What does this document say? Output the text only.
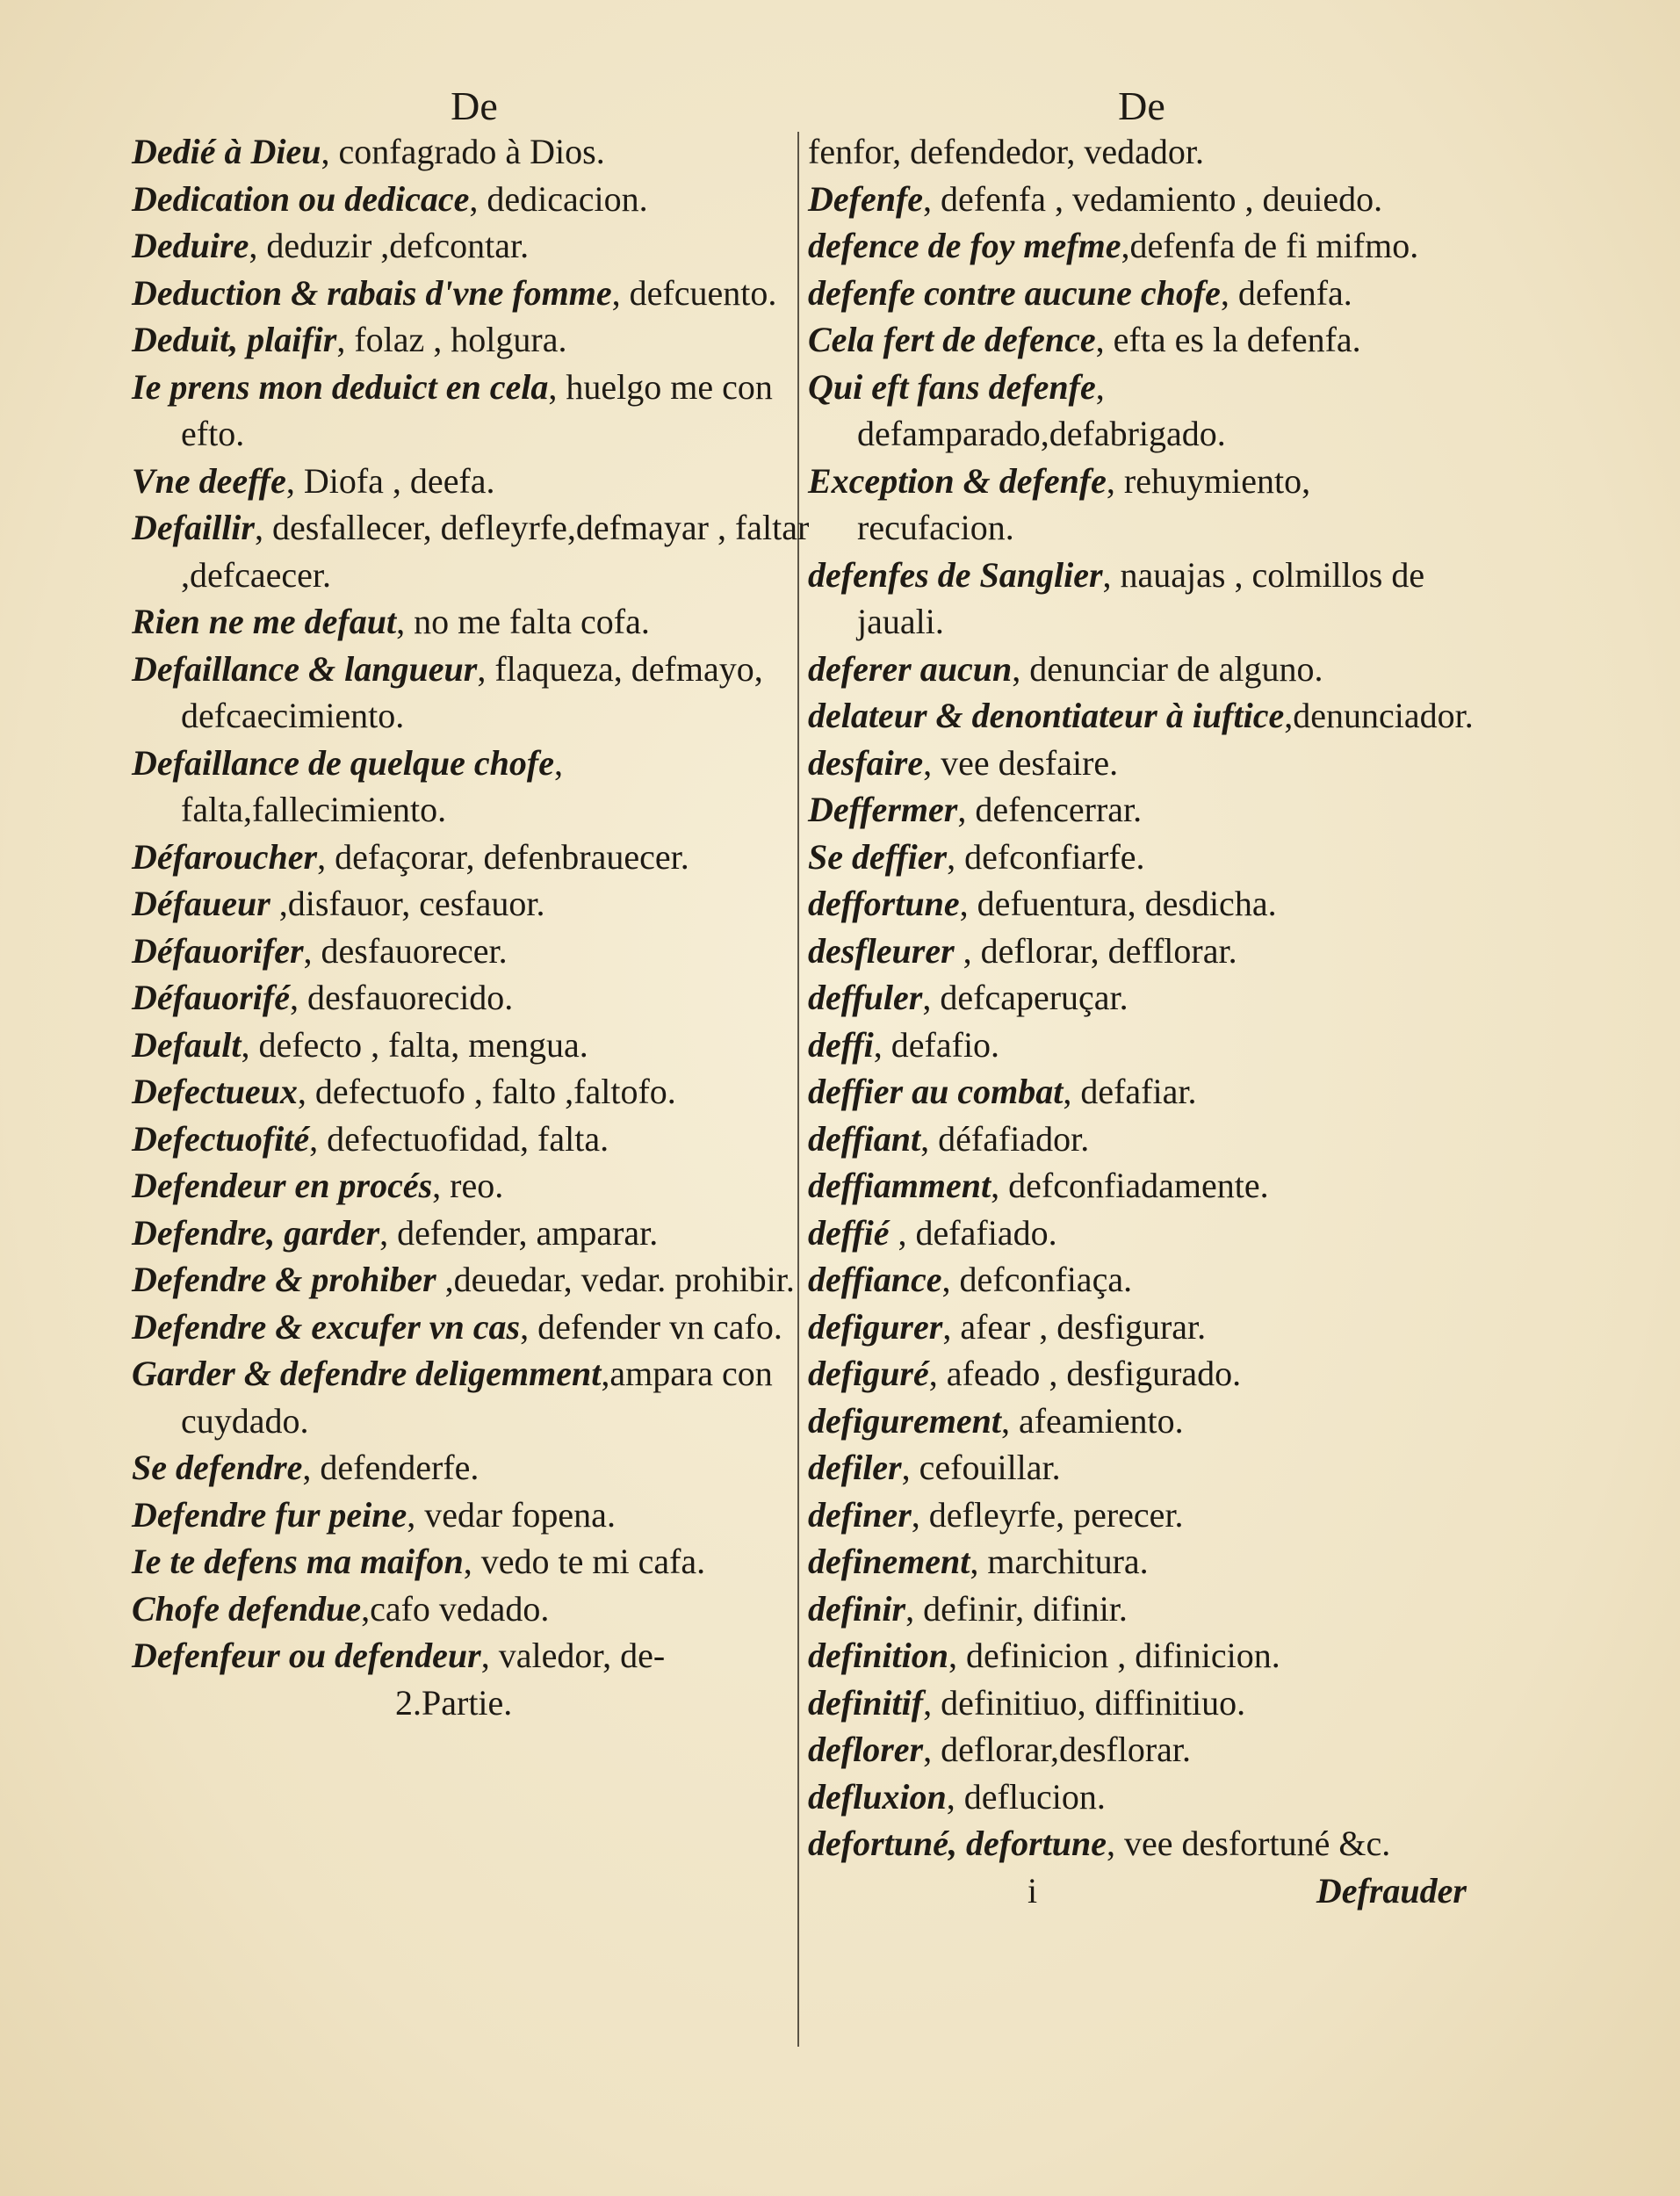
De
Dedié à Dieu, confagrado à Dios.
Dedication ou dedicace, dedicacion.
Deduire, deduzir ,defcontar.
Deduction & rabais d'vne fomme, defcuento.
Deduit, plaifir, folaz , holgura.
Ie prens mon deduict en cela, huelgo me con efto.
Vne deeffe, Diofa , deefa.
Defaillir, desfallecer, defleyrfe,defmayar , faltar ,defcaecer.
Rien ne me defaut, no me falta cofa.
Defaillance & langueur, flaqueza, defmayo, defcaecimiento.
Defaillance de quelque chofe, falta,fallecimiento.
Défaroucher, defaçorar, defenbrauecer.
Défaueur ,disfauor, cesfauor.
Défauorifer, desfauorecer.
Défauorifé, desfauorecido.
Default, defecto , falta, mengua.
Defectueux, defectuofo , falto ,faltofo.
Defectuofité, defectuofidad, falta.
Defendeur en procés, reo.
Defendre, garder, defender, amparar.
Defendre & prohiber ,deuedar, vedar. prohibir.
Defendre & excufer vn cas, defender vn cafo.
Garder & defendre deligemment,ampara con cuydado.
Se defendre, defenderfe.
Defendre fur peine, vedar fopena.
Ie te defens ma maifon, vedo te mi cafa.
Chofe defendue,cafo vedado.
Defenfeur ou defendeur, valedor, de-
2.Partie.
De
fenfor, defendedor, vedador.
Defenfe, defenfa , vedamiento , deuiedo.
defence de foy mefme,defenfa de fi mifmo.
defenfe contre aucune chofe, defenfa.
Cela fert de defence, efta es la defenfa.
Qui eft fans defenfe, defamparado,defabrigado.
Exception & defenfe, rehuymiento, recufacion.
defenfes de Sanglier, nauajas , colmillos de jauali.
deferer aucun, denunciar de alguno.
delateur & denontiateur à iuftice,denunciador.
desfaire, vee desfaire.
Deffermer, defencerrar.
Se deffier, defconfiarfe.
deffortune, defuentura, desdicha.
desfleurer , deflorar, defflorar.
deffuler, defcaperuçar.
deffi, defafio.
deffier au combat, defafiar.
deffiant, défafiador.
deffiamment, defconfiadamente.
deffié , defafiado.
deffiance, defconfiaça.
defigurer, afear , desfigurar.
defiguré, afeado , desfigurado.
defigurement, afeamiento.
defiler, cefouillar.
definer, defleyrfe, perecer.
definement, marchitura.
definir, definir, difinir.
definition, definicion , difinicion.
definitif, definitiuo, diffinitiuo.
deflorer, deflorar,desflorar.
defluxion, deflucion.
defortuné, defortune, vee desfortuné &c.
i	Defrauder
